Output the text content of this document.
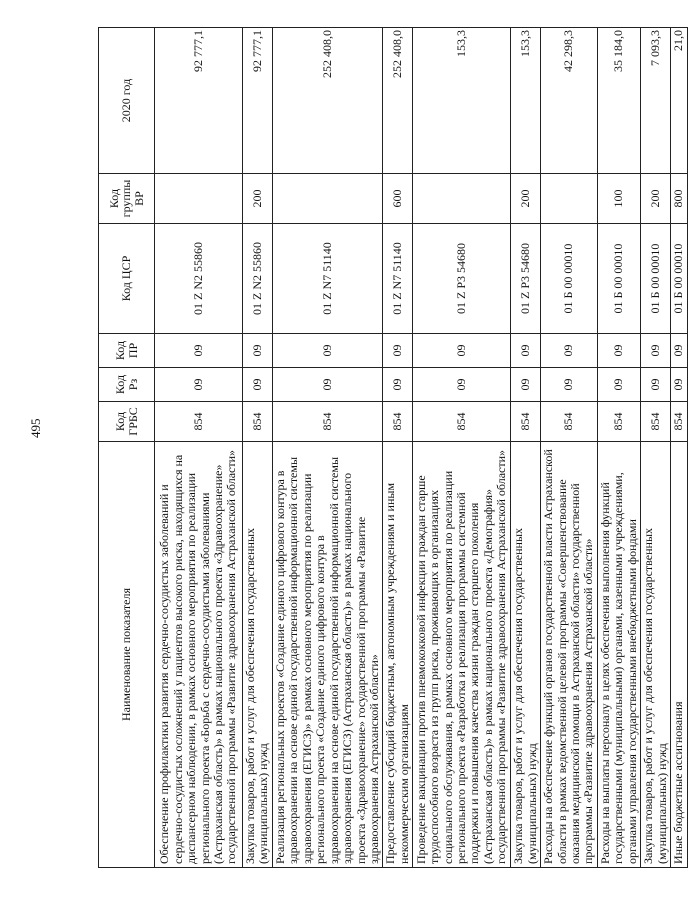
495
Наименование показателя	Код ГРБС	Код Рз	Код ПР	Код ЦСР	Код группы ВР	2020 год
Обеспечение профилактики развития сердечно-сосудистых заболеваний и сердечно-сосудистых осложнений у пациентов высокого риска, находящихся на диспансерном наблюдении, в рамках основного мероприятия по реализации регионального проекта «Борьба с сердечно-сосудистыми заболеваниями (Астраханская область)» в рамках национального проекта «Здравоохранение» государственной программы «Развитие здравоохранения Астраханской области»	854	09	09	01 Z N2 55860		92 777,1
Закупка товаров, работ и услуг для обеспечения государственных (муниципальных) нужд	854	09	09	01 Z N2 55860	200	92 777,1
Реализация региональных проектов «Создание единого цифрового контура в здравоохранении на основе единой государственной информационной системы здравоохранения (ЕГИСЗ)» в рамках основного мероприятия по реализации регионального проекта «Создание единого цифрового контура в здравоохранении на основе единой государственной информационной системы здравоохранения (ЕГИСЗ) (Астраханская область)» в рамках национального проекта «Здравоохранение» государственной программы «Развитие здравоохранения Астраханской области»	854	09	09	01 Z N7 51140		252 408,0
Предоставление субсидий бюджетным, автономным учреждениям и иным некоммерческим организациям	854	09	09	01 Z N7 51140	600	252 408,0
Проведение вакцинации против пневмококковой инфекции граждан старше трудоспособного возраста из групп риска, проживающих в организациях социального обслуживания, в рамках основного мероприятия по реализации регионального проекта «Разработка и реализация программы системной поддержки и повышения качества жизни граждан старшего поколения (Астраханская область)» в рамках национального проекта «Демография» государственной программы «Развитие здравоохранения Астраханской области»	854	09	09	01 Z P3 54680		153,3
Закупка товаров, работ и услуг для обеспечения государственных (муниципальных) нужд	854	09	09	01 Z P3 54680	200	153,3
Расходы на обеспечение функций органов государственной власти Астраханской области в рамках ведомственной целевой программы «Совершенствование оказания медицинской помощи в Астраханской области» государственной программы «Развитие здравоохранения Астраханской области»	854	09	09	01 Б 00 00010		42 298,3
Расходы на выплаты персоналу в целях обеспечения выполнения функций государственными (муниципальными) органами, казенными учреждениями, органами управления государственными внебюджетными фондами	854	09	09	01 Б 00 00010	100	35 184,0
Закупка товаров, работ и услуг для обеспечения государственных (муниципальных) нужд	854	09	09	01 Б 00 00010	200	7 093,3
Иные бюджетные ассигнования	854	09	09	01 Б 00 00010	800	21,0
